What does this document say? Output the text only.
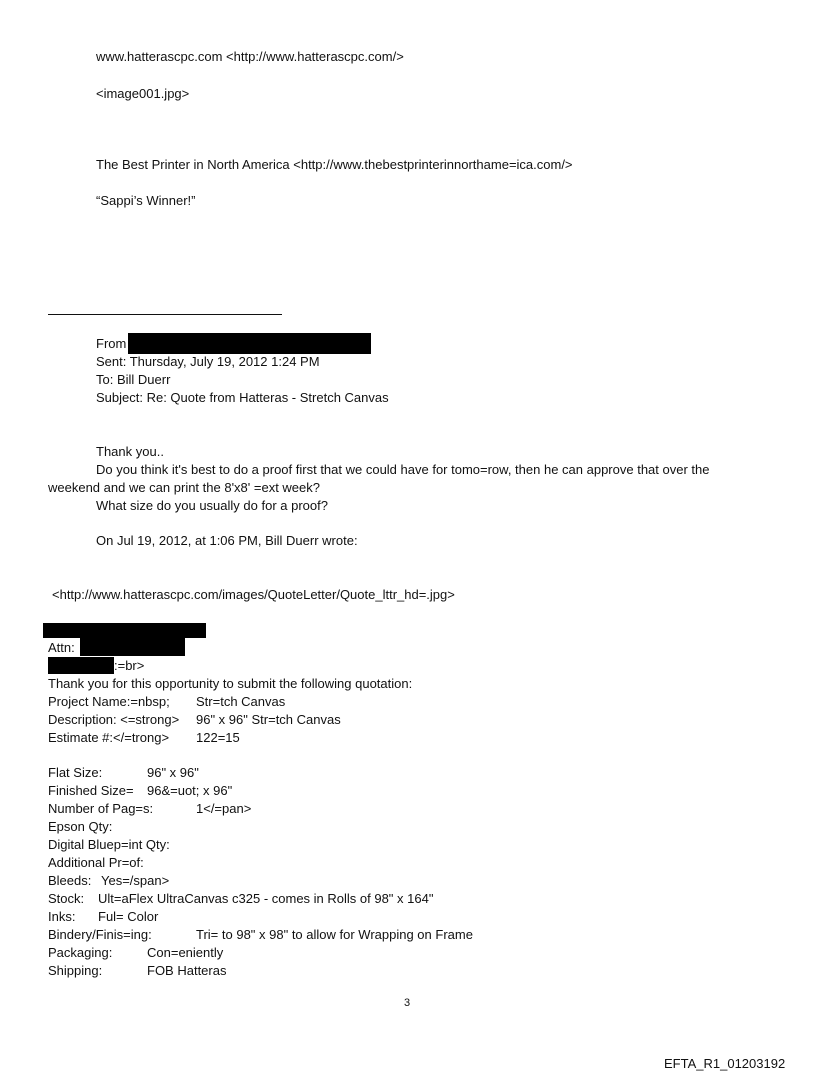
www.hatterascpc.com <http://www.hatterascpc.com/>
<image001.jpg>
The Best Printer in North America <http://www.thebestprinterinnorthame=ica.com/>
“Sappi’s Winner!”
From
Sent: Thursday, July 19, 2012 1:24 PM
To: Bill Duerr
Subject: Re: Quote from Hatteras - Stretch Canvas
Thank you..
Do you think it's best to do a proof first that we could have for tomo=row, then he can approve that over the
weekend and we can print the 8'x8' =ext week?
What size do you usually do for a proof?
On Jul 19, 2012, at 1:06 PM, Bill Duerr wrote:
<http://www.hatterascpc.com/images/QuoteLetter/Quote_lttr_hd=.jpg>
Attn:
:=br>
Thank you for this opportunity to submit the following quotation:
Project Name:=nbsp; Str=tch Canvas
Description: <=strong> 96" x 96" Str=tch Canvas
Estimate #:</=trong> 122=15
Flat Size:	96" x 96"
Finished Size= 96&=uot; x 96"
Number of Pag=s:	1</=pan>
Epson Qty:
Digital Bluep=int Qty:
Additional Pr=of:
Bleeds: Yes=/span>
Stock: Ult=aFlex UltraCanvas c325 - comes in Rolls of 98" x 164"
Inks: Ful= Color
Bindery/Finis=ing:	Tri= to 98" x 98" to allow for Wrapping on Frame
Packaging:	Con=eniently
Shipping:	FOB Hatteras
3
EFTA_R1_01203192
